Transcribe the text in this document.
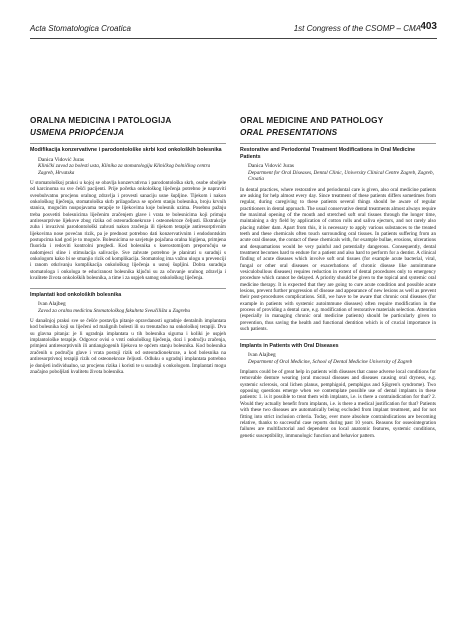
Acta Stomatologica Croatica	1st Congress of the CSOMP – CMA 403
ORALNA MEDICINA I PATOLOGIJA
USMENA PRIOPĆENJA

Modifikacija konzervativne i parodontološke skrbi kod onkoloških bolesnika

Danica Vidović Juras
Klinički zavod za bolesti usta, Klinika za stomatologiju Kliničkog bolničkog centra Zagreb, Hrvatska

U stomatološkoj praksi u kojoj se obavlja konzervativna i parodontološka skrb, osobe oboljele od karcinoma su sve češći pacijenti. Prije početka onkološkog liječenja potrebno je napraviti sveobuhvatnu procjenu oralnog zdravlja i provesti sanaciju usne šupljine. Tijekom i nakon onkološkog liječenja, stomatološka skrb prilagođava se općem stanju bolesnika, broju krvnih stanica, mogućim nuspojavama terapije te lijekovima koje bolesnik uzima. Posebnu pažnju treba posvetiti bolesnicima liječenim zračenjem glave i vrata te bolesnicima koji primaju antiresorptivne lijekove zbog rizika od osteoradionekroze i osteonekroze čeljusti. Ekstrakcije zuba i invazivni parodontološki zahvati nakon zračenja ili tijekom terapije antiresorptivnim lijekovima nose povećan rizik, pa je prednost potrebno dati konzervativnim i endodontskim postupcima kad god je to moguće. Bolesnicima se savjetuje pojačana oralna higijena, primjena fluorida i redoviti kontrolni pregledi. Kod bolesnika s kserostomijom preporučuju se nadomjesci sline i stimulacija salivacije. Sve zahvate potrebno je planirati u suradnji s onkologom kako bi se smanjio rizik od komplikacija. Stomatolog ima važnu ulogu u prevenciji i ranom otkrivanju komplikacija onkološkog liječenja u usnoj šupljini. Dobra suradnja stomatologa i onkologa te educiranost bolesnika ključni su za očuvanje oralnog zdravlja i kvalitete života onkoloških bolesnika, a time i za uspjeh samog onkološkog liječenja.

Implantati kod onkoloških bolesnika

Ivan Alajbeg
Zavod za oralnu medicinu Stomatološkog fakulteta Sveučilišta u Zagrebu

U današnjoj praksi sve se češće postavlja pitanje opravdanosti ugradnje dentalnih implantata kod bolesnika koji su liječeni od malignih bolesti ili su trenutačno na onkološkoj terapiji. Dva su glavna pitanja: je li ugradnja implantata u tih bolesnika sigurna i koliki je uspjeh implantološke terapije. Odgovor ovisi o vrsti onkološkog liječenja, dozi i području zračenja, primjeni antiresorptivnih ili antiangiogenih lijekova te općem stanju bolesnika. Kod bolesnika zračenih u području glave i vrata postoji rizik od osteoradionekroze, a kod bolesnika na antiresorptivnoj terapiji rizik od osteonekroze čeljusti. Odluku o ugradnji implantata potrebno je donijeti individualno, uz procjenu rizika i koristi te u suradnji s onkologom. Implantati mogu značajno poboljšati kvalitetu života bolesnika.

ORAL MEDICINE AND PATHOLOGY
ORAL PRESENTATIONS

Restorative and Periodontal Treatment Modifications in Oral Medicine Patients

Danica Vidović Juras
Department for Oral Diseases, Dental Clinic, University Clinical Centre Zagreb, Zagreb, Croatia

In dental practices, where restorative and periodontal care is given, also oral medicine patients are asking for help almost every day. Since treatment of these patients differs sometimes from regular, during caregiving to these patients several things should be aware of regular practitioners in dental approach. The usual conservative dental treatments almost always require the maximal opening of the mouth and stretched soft oral tissues through the longer time, maintaining a dry field by application of cotton rolls and saliva ejectors, and not rarely also placing rubber dam. Apart from this, it is necessary to apply various substances to the treated teeth and these chemicals often touch surrounding oral tissues. In patients suffering from an acute oral disease, the contact of these chemicals with, for example bullae, erosions, ulcerations and desquamations would be very painful and potentially dangerous. Consequently, dental treatment becomes hard to endure for a patient and also hard to perform for a dentist. A clinical finding of acute diseases which involve soft oral tissues (for example acute bacterial, viral, fungal or other oral diseases or exacerbations of chronic disease like autoimmune vesiculobullous diseases) requires reduction in extent of dental procedures only to emergency procedure which cannot be delayed. A priority should be given to the topical and systemic oral medicine therapy. It is expected that they are going to cure acute condition and possible acute lesions, prevent further progression of disease and appearance of new lesions as well as prevent their post-procedures complications. Still, we have to be aware that chronic oral diseases (for example in patients with systemic autoimmune diseases) often require modification in the process of providing a dental care, e.g. modification of restorative materials selection. Attention (especially in managing chronic oral medicine patients) should be particularly given to prevention, thus saving the health and functional dentition which is of crucial importance in such patients.

Implants in Patients with Oral Diseases

Ivan Alajbeg
Department of Oral Medicine, School of Dental Medicine University of Zagreb

Implants could be of great help in patients with diseases that cause adverse local conditions for removable denture wearing (oral mucosal diseases and diseases causing oral dryness, e.g. systemic sclerosis, oral lichen planus, pemphigoid, pemphigus and Sjögren's syndrome). Two opposing questions emerge when we contemplate possible use of dental implants in these patients: 1. is it possible to treat them with implants, i.e. is there a contraindication for that? 2. Would they actually benefit from implants, i.e. is there a medical justification for that? Patients with these two diseases are automatically being excluded from implant treatment, and for not fitting into strict inclusion criteria. Today, ever more absolute contraindications are becoming relative, thanks to successful case reports during past 10 years. Reasons for osseointegration failures are multifactorial and dependent on local anatomic features, systemic conditions, genetic susceptibility, immunologic function and behavior pattern.
